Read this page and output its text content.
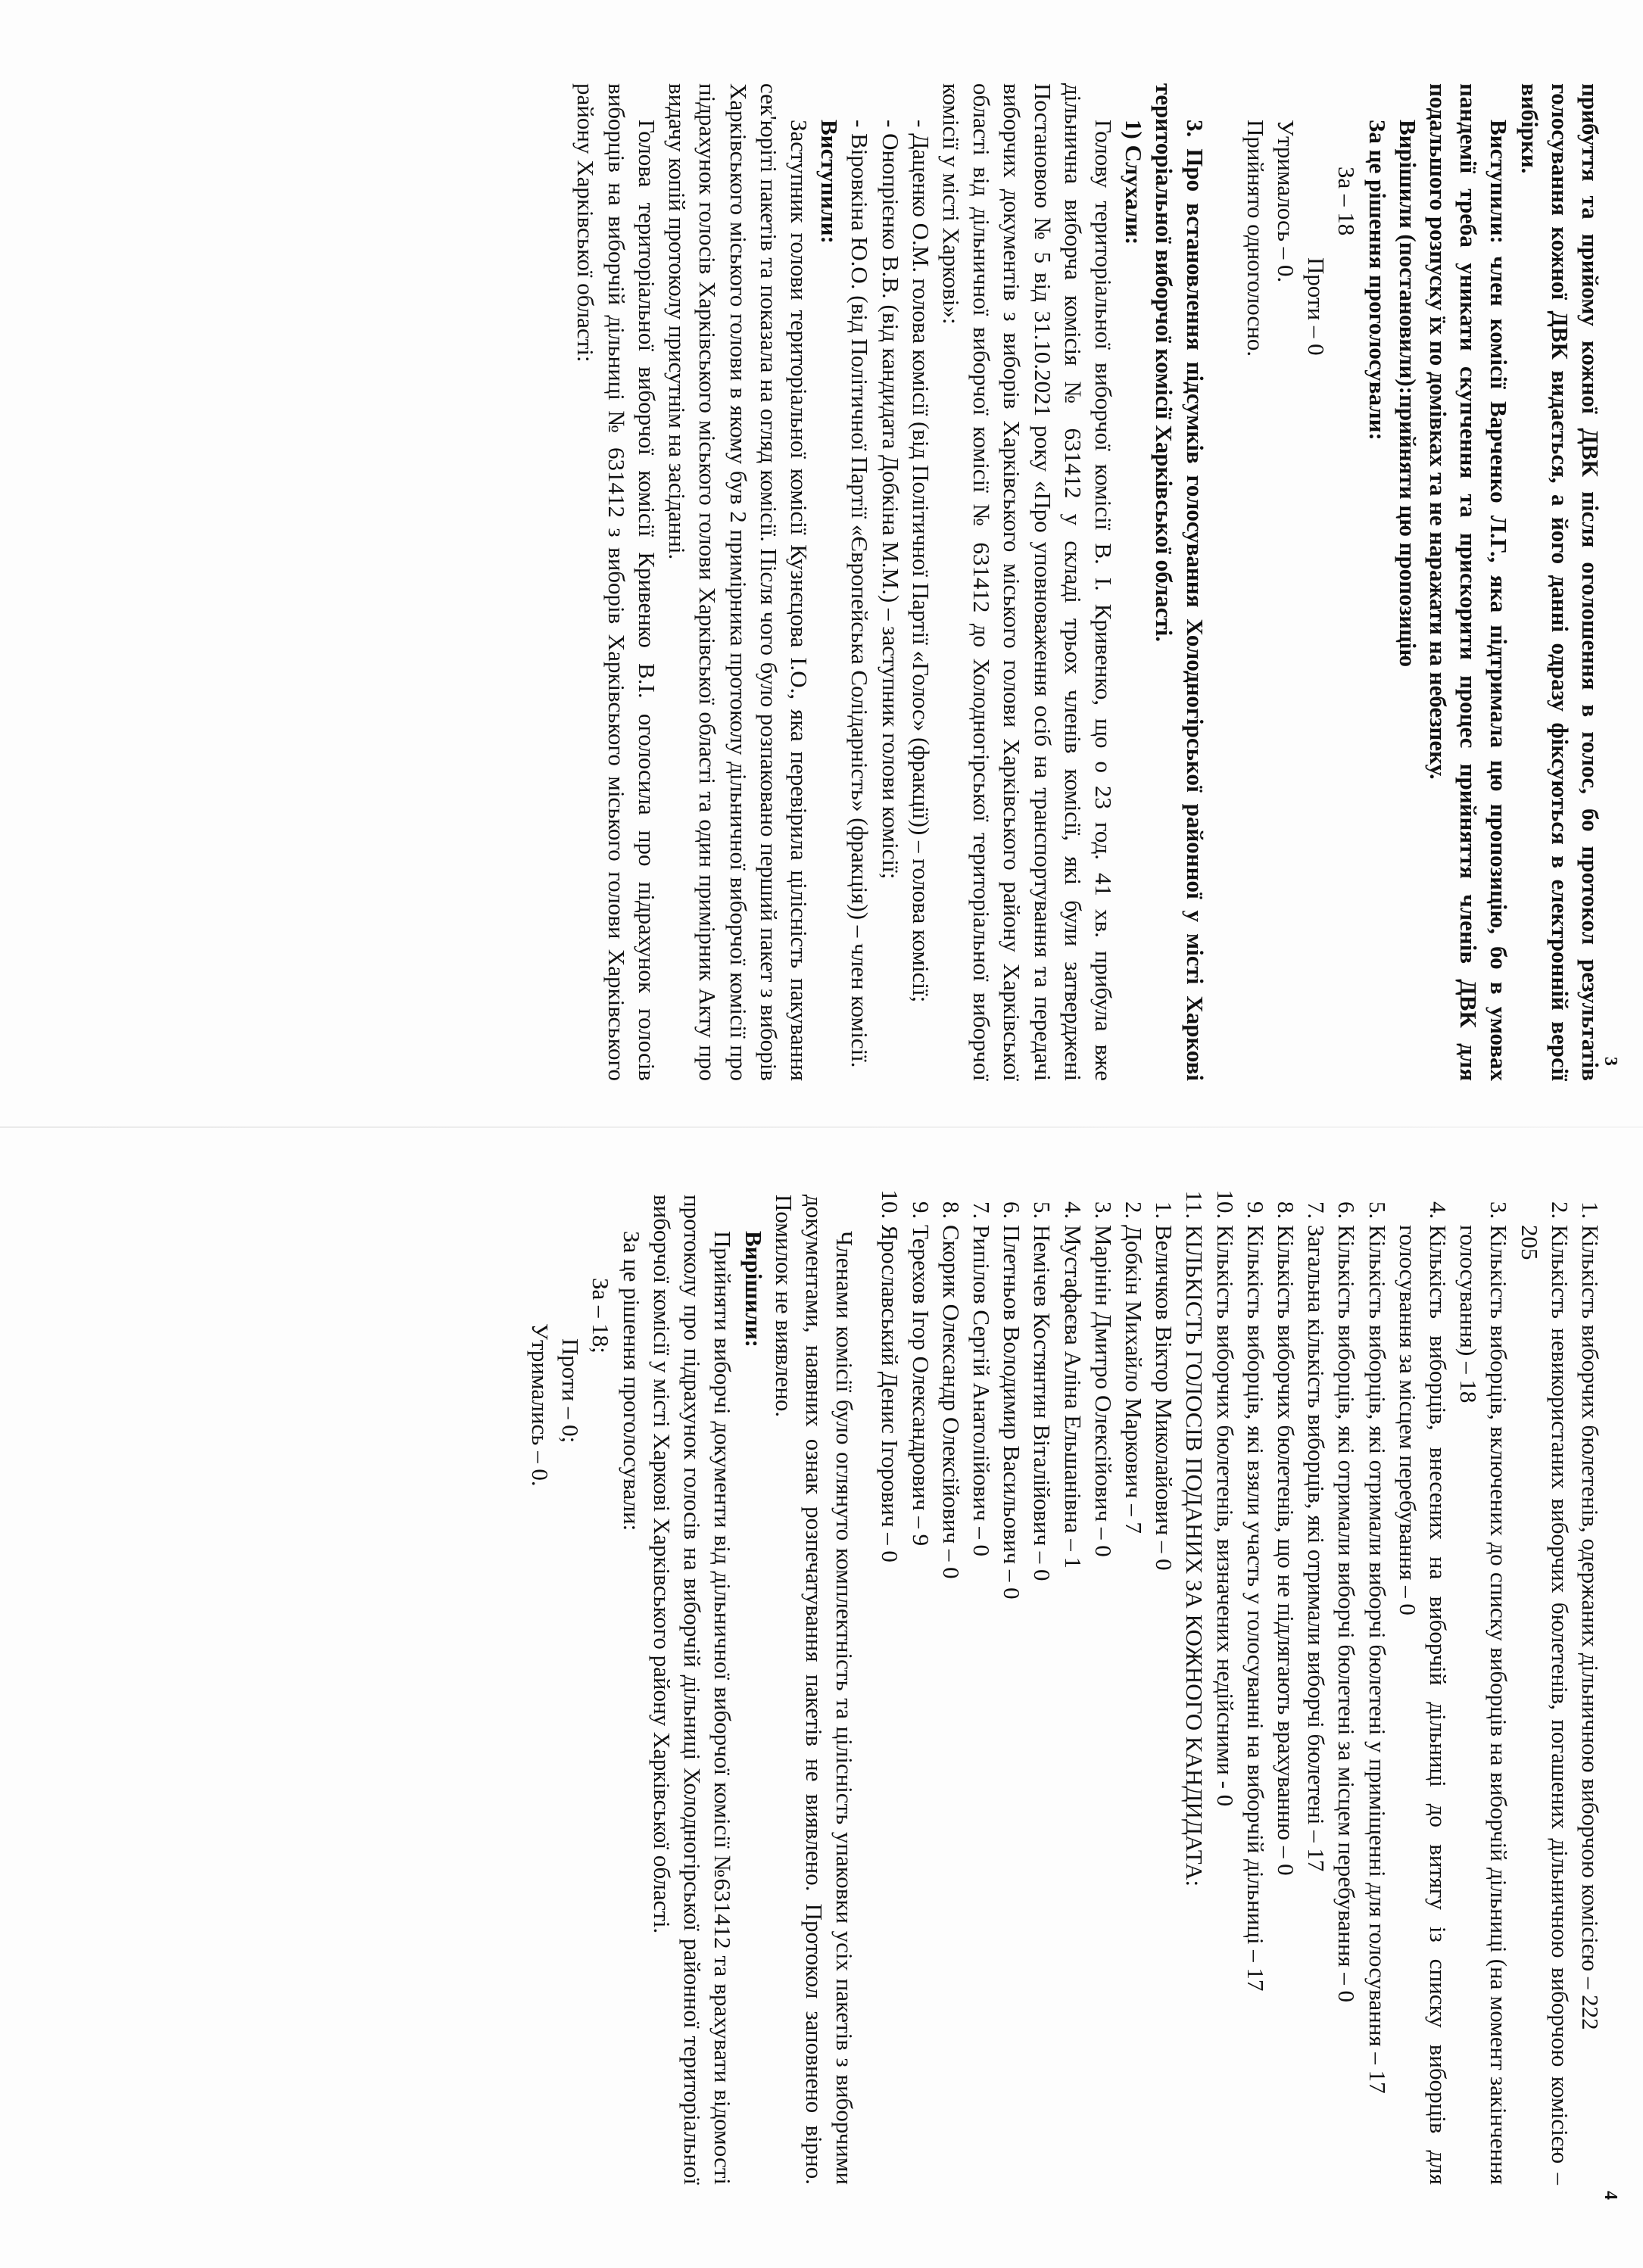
3

прибуття та прийому кожної ДВК після оголошення в голос, бо протокол результатів голосування кожної ДВК видається, а його данні одразу фіксуються в електронній версії вибірки.

Виступили: член комісії Варченко Л.Г., яка підтримала цю пропозицію, бо в умовах пандемії треба уникати скупчення та прискорити процес прийняття членів ДВК для подальшого розпуску їх по домівках та не наражати на небезпеку.

Вирішили (постановили):прийняти цю пропозицію

За це рішення проголосували:

За – 18

Проти – 0

Утрималось – 0.

Прийнято одноголосно.

3. Про встановлення підсумків голосування Холодногірської районної у місті Харкові територіальної виборчої комісії Харківської області.

1) Слухали:

Голову територіальної виборчої комісії В. І. Кривенко, що о 23 год. 41 хв. прибула вже дільнична виборча комісія № 631412 у складі трьох членів комісії, які були затверджені Постановою № 5 від 31.10.2021 року «Про уповноваження осіб на транспортування та передачі виборчих документів з виборів Харківського міського голови Харківського району Харківської області від дільничної виборчої комісії № 631412 до Холодногірської територіальної виборчої комісії у місті Харкові»:

- Даценко О.М. голова комісії (від Політичної Партії «Голос» (фракції)) – голова комісії;

- Онопрієнко В.В. (від кандидата Добкіна М.М.) – заступник голови комісії;

- Віровкіна Ю.О. (від Політичної Партії «Європейська Солідарність» (фракція)) – член комісії.

Виступили:

Заступник голови територіальної комісії Кузнєцова І.О., яка перевірила цілісність пакування сек'юріті пакетів та показала на огляд комісії. Після чого було розпаковано перший пакет з виборів Харківського міського голови в якому був 2 примірника протоколу дільничної виборчої комісії про підрахунок голосів Харківського міського голови Харківської області та один примірник Акту про видачу копій протоколу присутнім на засіданні.

Голова територіальної виборчої комісії Кривенко В.І. оголосила про підрахунок голосів виборців на виборчій дільниці № 631412 з виборів Харківського міського голови Харківського району Харківської області:

4
1. Кількість виборчих бюлетенів, одержаних дільничною виборчою комісією – 222
2. Кількість невикористаних виборчих бюлетенів, погашених дільничною виборчою комісією – 205
3. Кількість виборців, включених до списку виборців на виборчій дільниці (на момент закінчення голосування) – 18
4. Кількість виборців, внесених на виборчій дільниці до витягу із списку виборців для голосування за місцем перебування – 0
5. Кількість виборців, які отримали виборчі бюлетені у приміщенні для голосування – 17
6. Кількість виборців, які отримали виборчі бюлетені за місцем перебування – 0
7. Загальна кількість виборців, які отримали виборчі бюлетені – 17
8. Кількість виборчих бюлетенів, що не підлягають врахуванню – 0
9. Кількість виборців, які взяли участь у голосуванні на виборчій дільниці – 17
10. Кількість виборчих бюлетенів, визначених недійсними - 0
11. КІЛЬКІСТЬ ГОЛОСІВ ПОДАНИХ ЗА КОЖНОГО КАНДИДАТА:
1. Величков Віктор Миколайович – 0
2. Добкін Михайло Маркович – 7
3. Марінін Дмитро Олексійович – 0
4. Мустафаєва Аліна Ельшанівна – 1
5. Немічев Костянтин Віталійович – 0
6. Плетньов Володимир Васильович – 0
7. Рипілов Сергій Анатолійович – 0
8. Скорик Олександр Олексійович – 0
9. Терехов Ігор Олександрович – 9
10. Ярославський Денис Ігорович – 0

Членами комісії було оглянуто комплектність та цілісність упаковки усіх пакетів з виборчими документами, наявних ознак розпечатування пакетів не виявлено. Протокол заповнено вірно. Помилок не виявлено.

Вирішили:

Прийняти виборчі документи від дільничної виборчої комісії №631412 та врахувати відомості протоколу про підрахунок голосів на виборчій дільниці Холодногірської районної територіальної виборчої комісії у місті Харкові Харківського району Харківської області.

За це рішення проголосували:

За – 18;

Проти – 0;

Утримались – 0.
